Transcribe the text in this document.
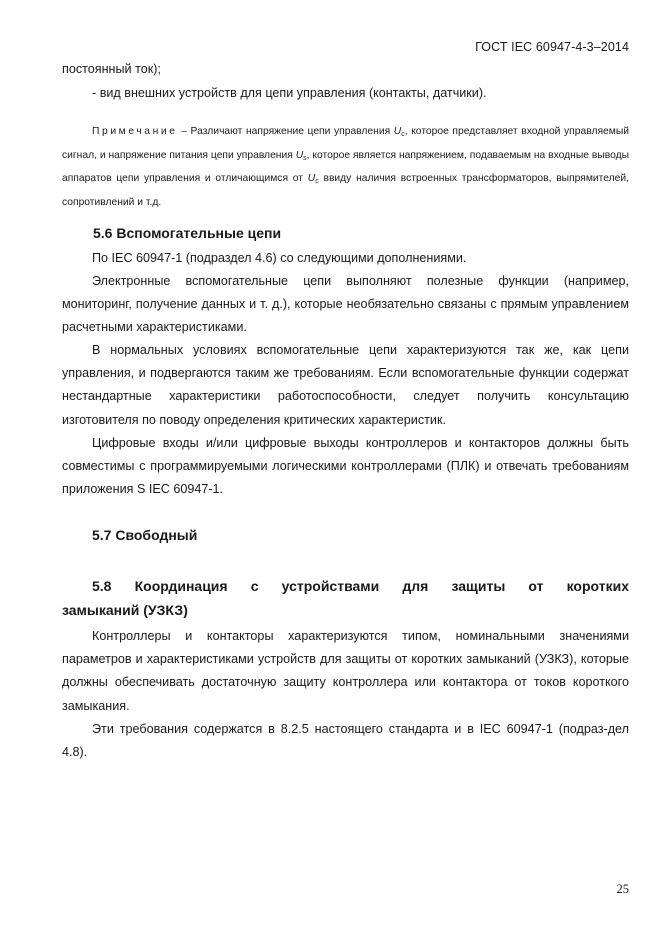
ГОСТ IEC 60947-4-3–2014

постоянный ток);

- вид внешних устройств для цепи управления (контакты, датчики).

Примечание – Различают напряжение цепи управления $U_c$, которое представляет входной управляемый сигнал, и напряжение питания цепи управления $U_s$, которое является напряжением, подаваемым на входные выводы аппаратов цепи управления и отличающимся от $U_c$ ввиду наличия встроенных трансформаторов, выпрямителей, сопротивлений и т.д.

5.6 Вспомогательные цепи

По IEC 60947-1 (подраздел 4.6) со следующими дополнениями.

Электронные вспомогательные цепи выполняют полезные функции (например, мониторинг, получение данных и т. д.), которые необязательно связаны с прямым управлением расчетными характеристиками.

В нормальных условиях вспомогательные цепи характеризуются так же, как цепи управления, и подвергаются таким же требованиям. Если вспомогательные функции содержат нестандартные характеристики работоспособности, следует получить консультацию изготовителя по поводу определения критических характеристик.

Цифровые входы и/или цифровые выходы контроллеров и контакторов должны быть совместимы с программируемыми логическими контроллерами (ПЛК) и отвечать требованиям приложения S IEC 60947-1.

5.7 Свободный
5.8 Координация с устройствами для защиты от коротких
замыканий (УЗКЗ)

Контроллеры и контакторы характеризуются типом, номинальными значениями параметров и характеристиками устройств для защиты от коротких замыканий (УЗКЗ), которые должны обеспечивать достаточную защиту контроллера или контактора от токов короткого замыкания.

Эти требования содержатся в 8.2.5 настоящего стандарта и в IEC 60947-1 (подраз-дел 4.8).

25
